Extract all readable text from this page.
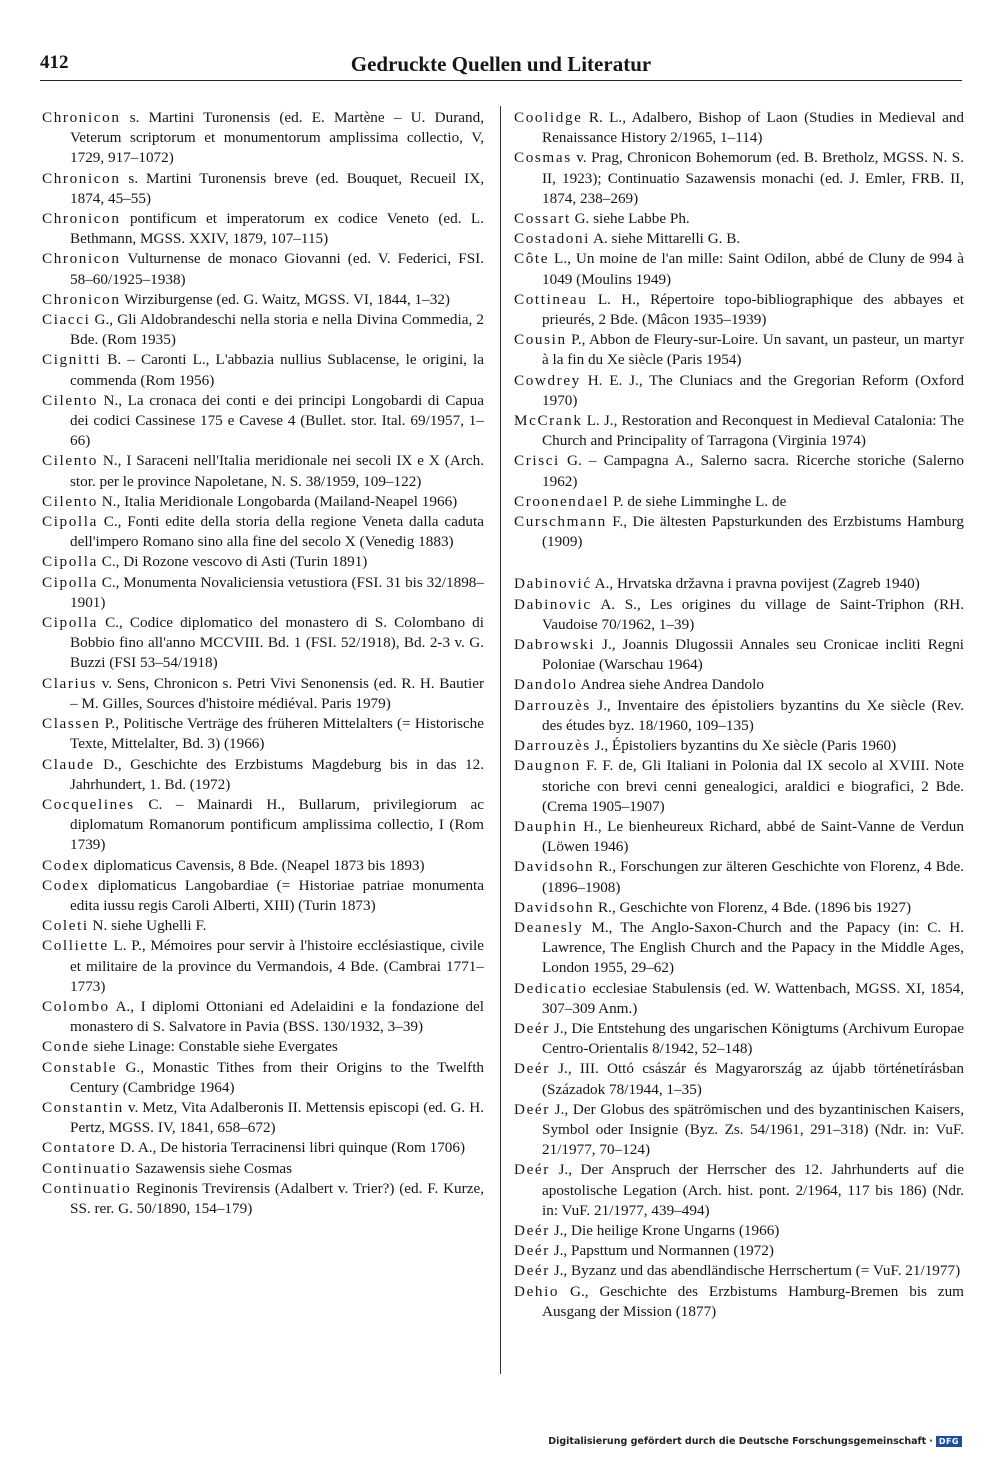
412	Gedruckte Quellen und Literatur

Chronicon s. Martini Turonensis (ed. E. Martène – U. Durand, Veterum scriptorum et monumentorum amplissima collectio, V, 1729, 917–1072)

Chronicon s. Martini Turonensis breve (ed. Bouquet, Recueil IX, 1874, 45–55)

Chronicon pontificum et imperatorum ex codice Veneto (ed. L. Bethmann, MGSS. XXIV, 1879, 107–115)

Chronicon Vulturnense de monaco Giovanni (ed. V. Federici, FSI. 58–60/1925–1938)

Chronicon Wirziburgense (ed. G. Waitz, MGSS. VI, 1844, 1–32)

Ciacci G., Gli Aldobrandeschi nella storia e nella Divina Commedia, 2 Bde. (Rom 1935)

Cignitti B. – Caronti L., L'abbazia nullius Sublacense, le origini, la commenda (Rom 1956)

Cilento N., La cronaca dei conti e dei principi Longobardi di Capua dei codici Cassinese 175 e Cavese 4 (Bullet. stor. Ital. 69/1957, 1–66)

Cilento N., I Saraceni nell'Italia meridionale nei secoli IX e X (Arch. stor. per le province Napoletane, N. S. 38/1959, 109–122)

Cilento N., Italia Meridionale Longobarda (Mailand-Neapel 1966)

Cipolla C., Fonti edite della storia della regione Veneta dalla caduta dell'impero Romano sino alla fine del secolo X (Venedig 1883)

Cipolla C., Di Rozone vescovo di Asti (Turin 1891)

Cipolla C., Monumenta Novaliciensia vetustiora (FSI. 31 bis 32/1898–1901)

Cipolla C., Codice diplomatico del monastero di S. Colombano di Bobbio fino all'anno MCCVIII. Bd. 1 (FSI. 52/1918), Bd. 2-3 v. G. Buzzi (FSI 53–54/1918)

Clarius v. Sens, Chronicon s. Petri Vivi Senonensis (ed. R. H. Bautier – M. Gilles, Sources d'histoire médiéval. Paris 1979)

Classen P., Politische Verträge des früheren Mittelalters (= Historische Texte, Mittelalter, Bd. 3) (1966)

Claude D., Geschichte des Erzbistums Magdeburg bis in das 12. Jahrhundert, 1. Bd. (1972)

Cocquelines C. – Mainardi H., Bullarum, privilegiorum ac diplomatum Romanorum pontificum amplissima collectio, I (Rom 1739)

Codex diplomaticus Cavensis, 8 Bde. (Neapel 1873 bis 1893)

Codex diplomaticus Langobardiae (= Historiae patriae monumenta edita iussu regis Caroli Alberti, XIII) (Turin 1873)

Coleti N. siehe Ughelli F.

Colliette L. P., Mémoires pour servir à l'histoire ecclésiastique, civile et militaire de la province du Vermandois, 4 Bde. (Cambrai 1771–1773)

Colombo A., I diplomi Ottoniani ed Adelaidini e la fondazione del monastero di S. Salvatore in Pavia (BSS. 130/1932, 3–39)

Conde siehe Linage: Constable siehe Evergates

Constable G., Monastic Tithes from their Origins to the Twelfth Century (Cambridge 1964)

Constantin v. Metz, Vita Adalberonis II. Mettensis episcopi (ed. G. H. Pertz, MGSS. IV, 1841, 658–672)

Contatore D. A., De historia Terracinensi libri quinque (Rom 1706)

Continuatio Sazawensis siehe Cosmas

Continuatio Reginonis Trevirensis (Adalbert v. Trier?) (ed. F. Kurze, SS. rer. G. 50/1890, 154–179)

Coolidge R. L., Adalbero, Bishop of Laon (Studies in Medieval and Renaissance History 2/1965, 1–114)

Cosmas v. Prag, Chronicon Bohemorum (ed. B. Bretholz, MGSS. N. S. II, 1923); Continuatio Sazawensis monachi (ed. J. Emler, FRB. II, 1874, 238–269)

Cossart G. siehe Labbe Ph.

Costadoni A. siehe Mittarelli G. B.

Côte L., Un moine de l'an mille: Saint Odilon, abbé de Cluny de 994 à 1049 (Moulins 1949)

Cottineau L. H., Répertoire topo-bibliographique des abbayes et prieurés, 2 Bde. (Mâcon 1935–1939)

Cousin P., Abbon de Fleury-sur-Loire. Un savant, un pasteur, un martyr à la fin du Xe siècle (Paris 1954)

Cowdrey H. E. J., The Cluniacs and the Gregorian Reform (Oxford 1970)

McCrank L. J., Restoration and Reconquest in Medieval Catalonia: The Church and Principality of Tarragona (Virginia 1974)

Crisci G. – Campagna A., Salerno sacra. Ricerche storiche (Salerno 1962)

Croonendael P. de siehe Limminghe L. de

Curschmann F., Die ältesten Papsturkunden des Erzbistums Hamburg (1909)

Dabinović A., Hrvatska državna i pravna povijest (Zagreb 1940)

Dabinovic A. S., Les origines du village de Saint-Triphon (RH. Vaudoise 70/1962, 1–39)

Dabrowski J., Joannis Dlugossii Annales seu Cronicae incliti Regni Poloniae (Warschau 1964)

Dandolo Andrea siehe Andrea Dandolo

Darrouzès J., Inventaire des épistoliers byzantins du Xe siècle (Rev. des études byz. 18/1960, 109–135)

Darrouzès J., Épistoliers byzantins du Xe siècle (Paris 1960)

Daugnon F. F. de, Gli Italiani in Polonia dal IX secolo al XVIII. Note storiche con brevi cenni genealogici, araldici e biografici, 2 Bde. (Crema 1905–1907)

Dauphin H., Le bienheureux Richard, abbé de Saint-Vanne de Verdun (Löwen 1946)

Davidsohn R., Forschungen zur älteren Geschichte von Florenz, 4 Bde. (1896–1908)

Davidsohn R., Geschichte von Florenz, 4 Bde. (1896 bis 1927)

Deanesly M., The Anglo-Saxon-Church and the Papacy (in: C. H. Lawrence, The English Church and the Papacy in the Middle Ages, London 1955, 29–62)

Dedicatio ecclesiae Stabulensis (ed. W. Wattenbach, MGSS. XI, 1854, 307–309 Anm.)

Deér J., Die Entstehung des ungarischen Königtums (Archivum Europae Centro-Orientalis 8/1942, 52–148)

Deér J., III. Ottó császár és Magyarország az újabb történetírásban (Századok 78/1944, 1–35)

Deér J., Der Globus des spätrömischen und des byzantinischen Kaisers, Symbol oder Insignie (Byz. Zs. 54/1961, 291–318) (Ndr. in: VuF. 21/1977, 70–124)

Deér J., Der Anspruch der Herrscher des 12. Jahrhunderts auf die apostolische Legation (Arch. hist. pont. 2/1964, 117 bis 186) (Ndr. in: VuF. 21/1977, 439–494)

Deér J., Die heilige Krone Ungarns (1966)

Deér J., Papsttum und Normannen (1972)

Deér J., Byzanz und das abendländische Herrschertum (= VuF. 21/1977)

Dehio G., Geschichte des Erzbistums Hamburg-Bremen bis zum Ausgang der Mission (1877)

Digitalisierung gefördert durch die Deutsche Forschungsgemeinschaft · DFG
